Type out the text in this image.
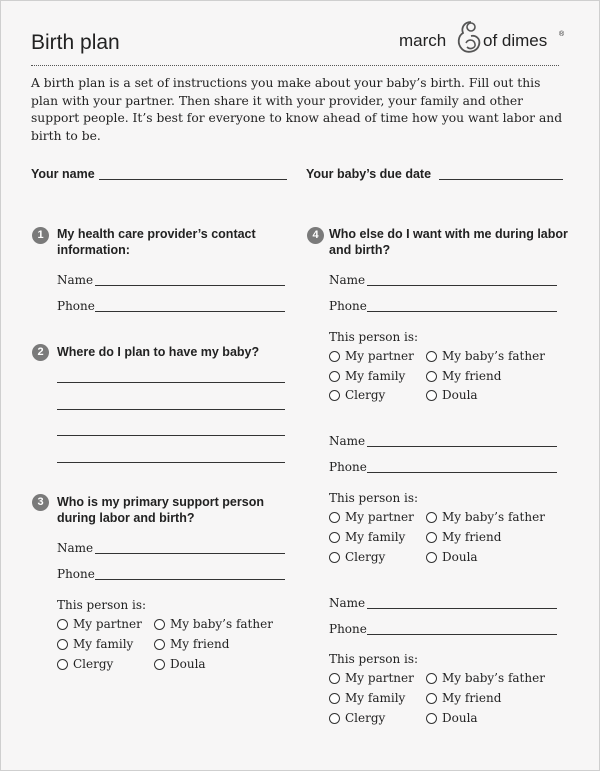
Birth plan	march of dimes ®
A birth plan is a set of instructions you make about your baby’s birth. Fill out this plan with your partner. Then share it with your provider, your family and other support people. It’s best for everyone to know ahead of time how you want labor and birth to be.
Your name	Your baby’s due date
1	My health care provider’s contact information:
Name
Phone
2	Where do I plan to have my baby?
3	Who is my primary support person during labor and birth?
Name
Phone
This person is:
My partner My baby’s father
My family	My friend
Clergy	Doula
4 Who else do I want with me during labor and birth?
Name
Phone
This person is:
My partner My baby’s father
My family	My friend
Clergy	Doula
Name
Phone
This person is:
My partner My baby’s father
My family	My friend
Clergy	Doula
Name
Phone
This person is:
My partner My baby’s father
My family	My friend
Clergy	Doula
